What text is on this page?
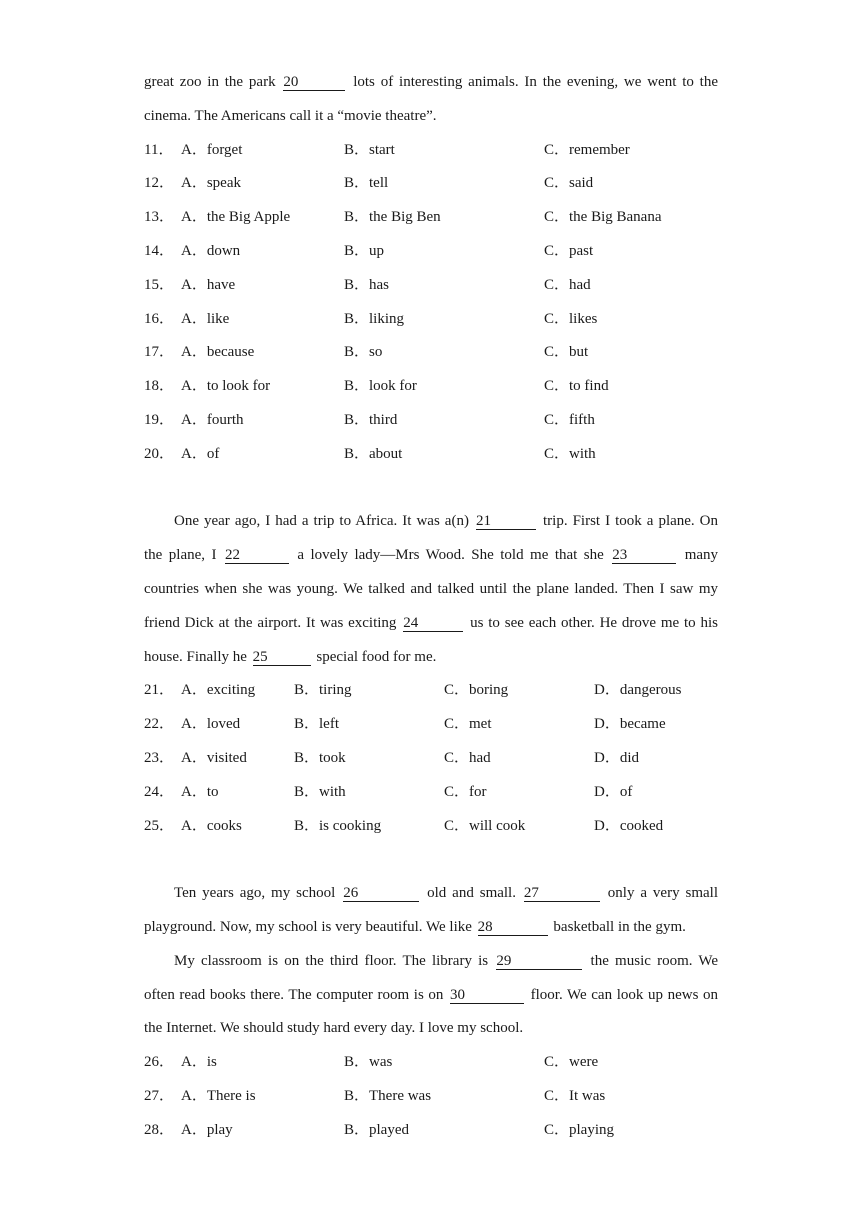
great zoo in the park 20	lots of interesting animals. In the evening, we went to the
cinema. The Americans call it a “movie theatre”.
11． A．forget	B．start	C．remember
12． A．speak	B．tell	C．said
13． A．the Big Apple	B．the Big Ben	C．the Big Banana
14． A．down	B．up	C．past
15． A．have	B．has	C．had
16． A．like	B．liking	C．likes
17． A．because	B．so	C．but
18． A．to look for	B．look for	C．to find
19． A．fourth	B．third	C．fifth
20． A．of	B．about	C．with
One year ago, I had a trip to Africa. It was a(n) 21	trip. First I took a plane. On
the plane, I 22	a lovely lady—Mrs Wood. She told me that she 23	many
countries when she was young. We talked and talked until the plane landed. Then I saw my
friend Dick at the airport. It was exciting 24	us to see each other. He drove me to his
house. Finally he 25	special food for me.
21． A．exciting	B．tiring	C．boring	D．dangerous
22． A．loved	B．left	C．met	D．became
23． A．visited	B．took	C．had	D．did
24． A．to	B．with	C．for	D．of
25． A．cooks	B．is cooking	C．will cook	D．cooked
Ten years ago, my school 26	old and small. 27	only a very small
playground. Now, my school is very beautiful. We like 28	basketball in the gym.
My classroom is on the third floor. The library is 29	the music room. We
often read books there. The computer room is on 30	floor. We can look up news on
the Internet. We should study hard every day. I love my school.
26． A．is	B．was	C．were
27． A．There is	B．There was	C．It was
28． A．play	B．played	C．playing
